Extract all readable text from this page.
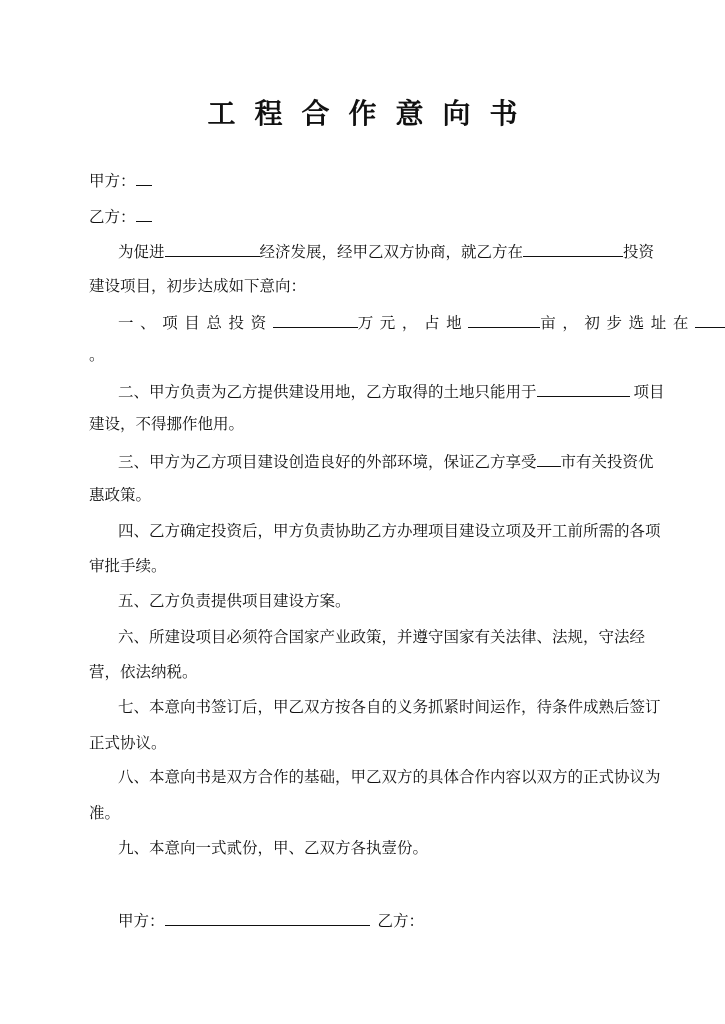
工程合作意向书
甲方：
乙方：
为促进	经济发展，经甲乙双方协商，就乙方在	投资
建设项目，初步达成如下意向：
一、项目总投资	万元，占地	亩，初步选址在
。
二、甲方负责为乙方提供建设用地，乙方取得的土地只能用于	项目
建设，不得挪作他用。
三、甲方为乙方项目建设创造良好的外部环境，保证乙方享受 市有关投资优
惠政策。
四、乙方确定投资后，甲方负责协助乙方办理项目建设立项及开工前所需的各项
审批手续。
五、乙方负责提供项目建设方案。
六、所建设项目必须符合国家产业政策，并遵守国家有关法律、法规，守法经
营，依法纳税。
七、本意向书签订后，甲乙双方按各自的义务抓紧时间运作，待条件成熟后签订
正式协议。
八、本意向书是双方合作的基础，甲乙双方的具体合作内容以双方的正式协议为
准。
九、本意向一式贰份，甲、乙双方各执壹份。
甲方：	乙方：
